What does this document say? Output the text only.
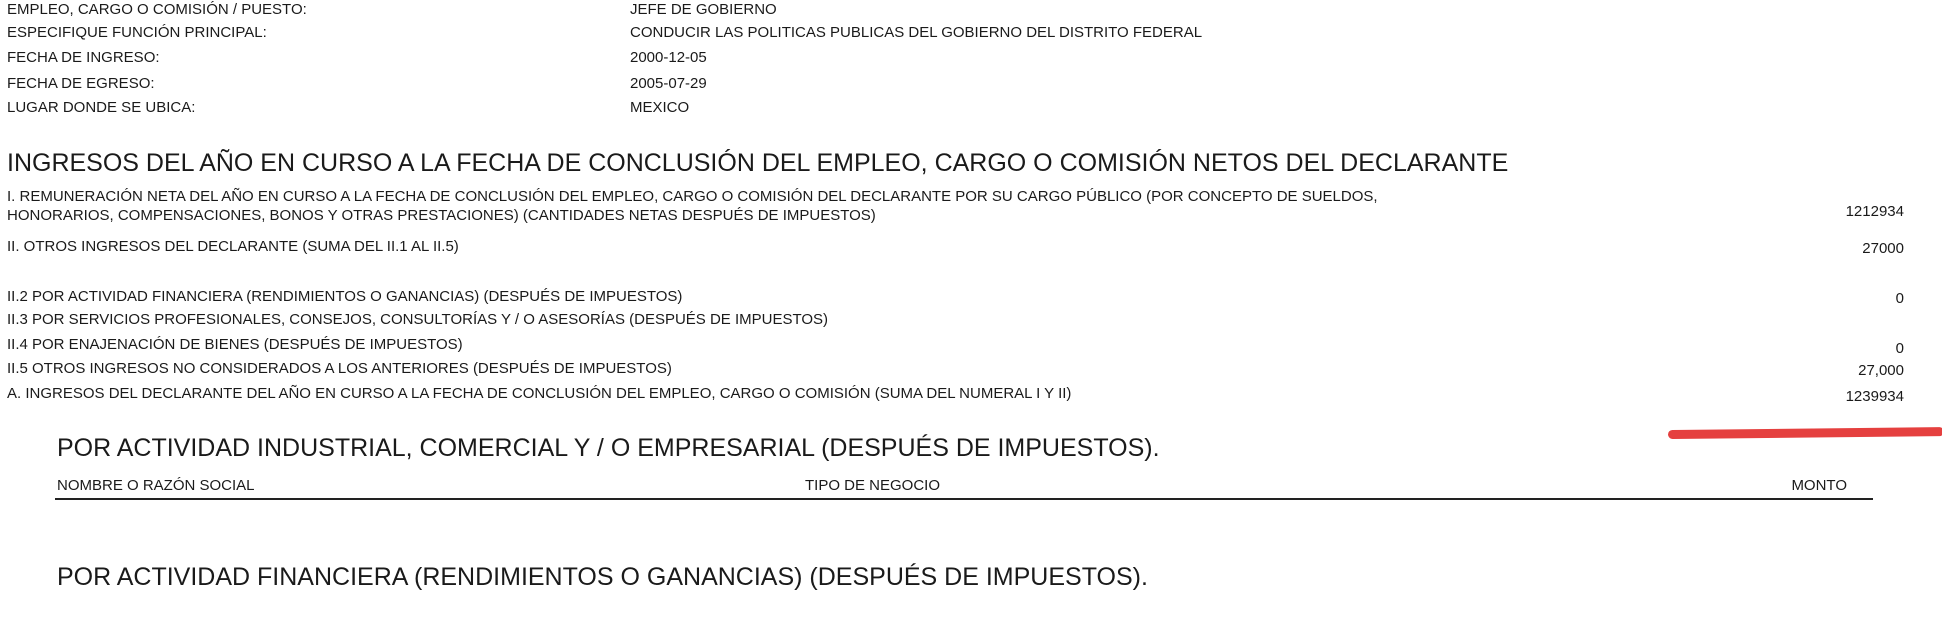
EMPLEO, CARGO O COMISIÓN / PUESTO:	JEFE DE GOBIERNO
ESPECIFIQUE FUNCIÓN PRINCIPAL:	CONDUCIR LAS POLITICAS PUBLICAS DEL GOBIERNO DEL DISTRITO FEDERAL
FECHA DE INGRESO:	2000-12-05
FECHA DE EGRESO:	2005-07-29
LUGAR DONDE SE UBICA:	MEXICO
INGRESOS DEL AÑO EN CURSO A LA FECHA DE CONCLUSIÓN DEL EMPLEO, CARGO O COMISIÓN NETOS DEL DECLARANTE
I. REMUNERACIÓN NETA DEL AÑO EN CURSO A LA FECHA DE CONCLUSIÓN DEL EMPLEO, CARGO O COMISIÓN DEL DECLARANTE POR SU CARGO PÚBLICO (POR CONCEPTO DE SUELDOS,
HONORARIOS, COMPENSACIONES, BONOS Y OTRAS PRESTACIONES) (CANTIDADES NETAS DESPUÉS DE IMPUESTOS)	1212934
II. OTROS INGRESOS DEL DECLARANTE (SUMA DEL II.1 AL II.5)	27000
II.2 POR ACTIVIDAD FINANCIERA (RENDIMIENTOS O GANANCIAS) (DESPUÉS DE IMPUESTOS)	0
II.3 POR SERVICIOS PROFESIONALES, CONSEJOS, CONSULTORÍAS Y / O ASESORÍAS (DESPUÉS DE IMPUESTOS)
II.4 POR ENAJENACIÓN DE BIENES (DESPUÉS DE IMPUESTOS)	0
II.5 OTROS INGRESOS NO CONSIDERADOS A LOS ANTERIORES (DESPUÉS DE IMPUESTOS)	27,000
A. INGRESOS DEL DECLARANTE DEL AÑO EN CURSO A LA FECHA DE CONCLUSIÓN DEL EMPLEO, CARGO O COMISIÓN (SUMA DEL NUMERAL I Y II)	1239934
POR ACTIVIDAD INDUSTRIAL, COMERCIAL Y / O EMPRESARIAL (DESPUÉS DE IMPUESTOS).
NOMBRE O RAZÓN SOCIAL	TIPO DE NEGOCIO	MONTO
POR ACTIVIDAD FINANCIERA (RENDIMIENTOS O GANANCIAS) (DESPUÉS DE IMPUESTOS).
